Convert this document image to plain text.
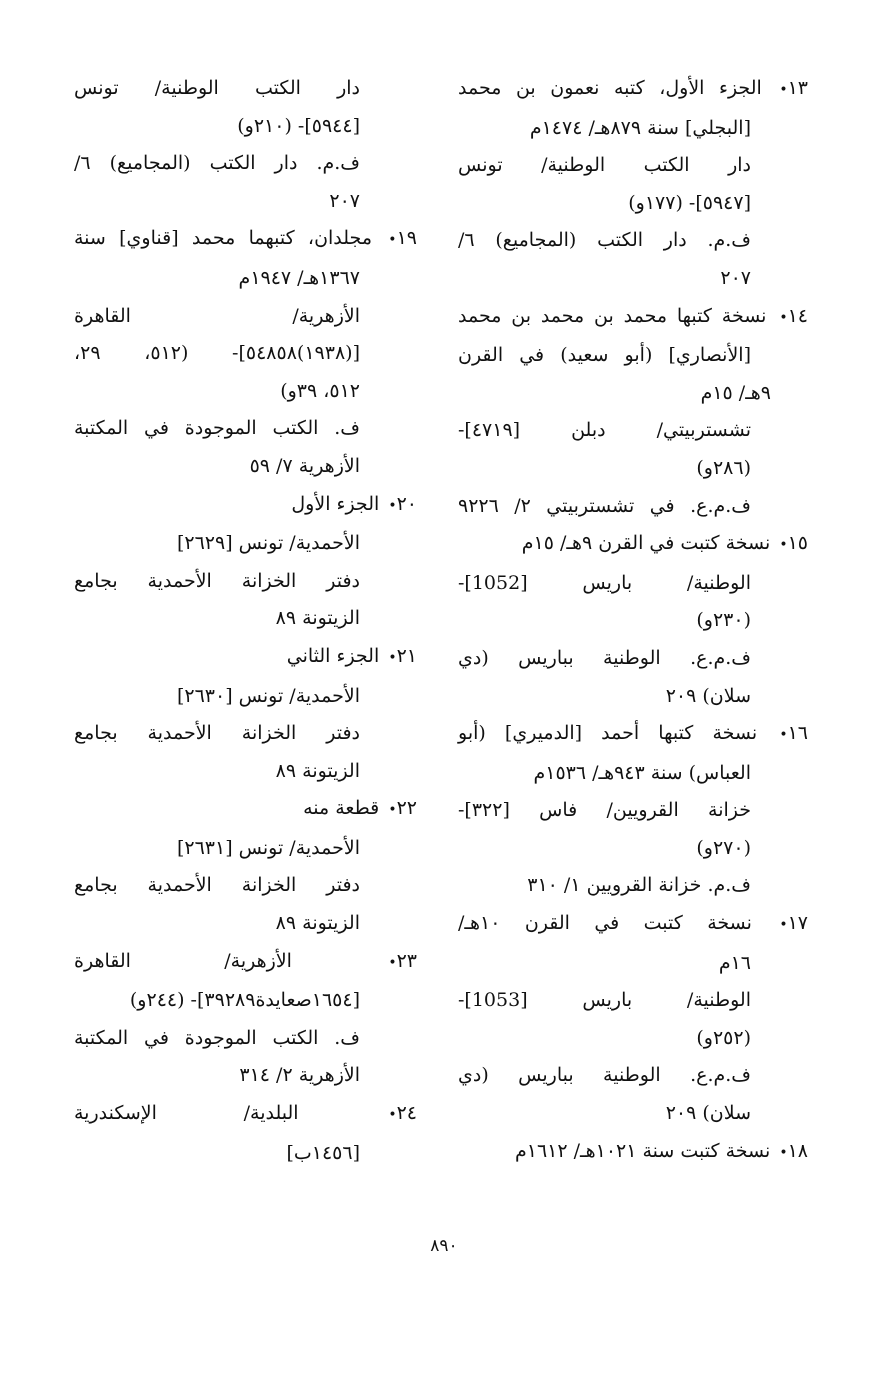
١٣• الجزء الأول، كتبه نعمون بن محمد
[البجلي] سنة ٨٧٩هـ/ ١٤٧٤م
دار الكتب الوطنية/ تونس
[٥٩٤٧]- (١٧٧و)
ف.م. دار الكتب (المجاميع) ٦/
٢٠٧
١٤• نسخة كتبها محمد بن محمد بن محمد
[الأنصاري] (أبو سعيد) في القرن
٩هـ/ ١٥م
تشستربيتي/ دبلن [٤٧١٩]-
(٢٨٦و)
ف.م.ع. في تشستربيتي ٢/ ٩٢٢٦
١٥• نسخة كتبت في القرن ٩هـ/ ١٥م
الوطنية/ باريس [1052]-
(٢٣٠و)
ف.م.ع. الوطنية بباريس (دي
سلان) ٢٠٩
١٦• نسخة كتبها أحمد [الدميري] (أبو
العباس) سنة ٩٤٣هـ/ ١٥٣٦م
خزانة القرويين/ فاس [٣٢٢]-
(٢٧٠و)
ف.م. خزانة القرويين ١/ ٣١٠
١٧• نسخة كتبت في القرن ١٠هـ/
١٦م
الوطنية/ باريس [1053]-
(٢٥٢و)
ف.م.ع. الوطنية بباريس (دي
سلان) ٢٠٩
١٨• نسخة كتبت سنة ١٠٢١هـ/ ١٦١٢م
دار الكتب الوطنية/ تونس
[٥٩٤٤]- (٢١٠و)
ف.م. دار الكتب (المجاميع) ٦/
٢٠٧
١٩• مجلدان، كتبهما محمد [قناوي] سنة
١٣٦٧هـ/ ١٩٤٧م
الأزهرية/ القاهرة
[(١٩٣٨)٥٤٨٥٨]- (٥١٢، ٢٩،
٥١٢، ٣٩و)
ف. الكتب الموجودة في المكتبة
الأزهرية ٧/ ٥٩
٢٠• الجزء الأول
الأحمدية/ تونس [٢٦٢٩]
دفتر الخزانة الأحمدية بجامع
الزيتونة ٨٩
٢١• الجزء الثاني
الأحمدية/ تونس [٢٦٣٠]
دفتر الخزانة الأحمدية بجامع
الزيتونة ٨٩
٢٢• قطعة منه
الأحمدية/ تونس [٢٦٣١]
دفتر الخزانة الأحمدية بجامع
الزيتونة ٨٩
٢٣• الأزهرية/ القاهرة
[١٦٥٤صعايدة٣٩٢٨٩]- (٢٤٤و)
ف. الكتب الموجودة في المكتبة
الأزهرية ٢/ ٣١٤
٢٤• البلدية/ الإسكندرية
[١٤٥٦ب]
٨٩٠
